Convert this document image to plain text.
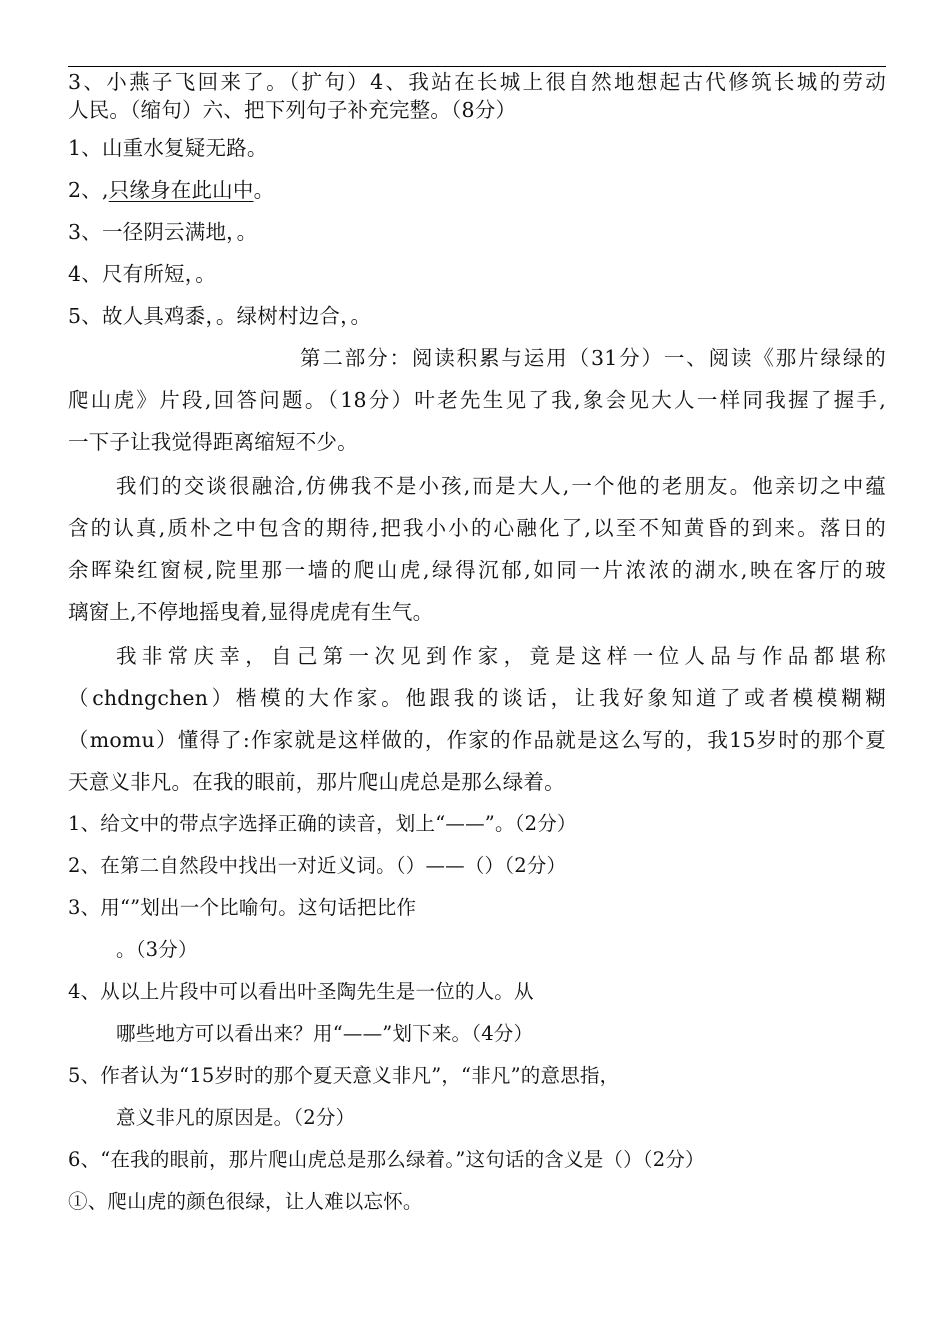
3、小燕子飞回来了。（扩句）4、我站在长城上很自然地想起古代修筑长城的劳动
人民。（缩句）六、把下列句子补充完整。（8分）
1、山重水复疑无路。
2、,只缘身在此山中。
3、一径阴云满地，。
4、尺有所短，。
5、故人具鸡黍，。绿树村边合，。
第二部分：阅读积累与运用（31分）一、阅读《那片绿绿的
爬山虎》片段,回答问题。（18分）叶老先生见了我,象会见大人一样同我握了握手,
一下子让我觉得距离缩短不少。
我们的交谈很融洽,仿佛我不是小孩,而是大人,一个他的老朋友。他亲切之中蕴
含的认真,质朴之中包含的期待,把我小小的心融化了,以至不知黄昏的到来。落日的
余晖染红窗棂,院里那一墙的爬山虎,绿得沉郁,如同一片浓浓的湖水,映在客厅的玻
璃窗上,不停地摇曳着,显得虎虎有生气。
我非常庆幸，自己第一次见到作家，竟是这样一位人品与作品都堪称
（chdngchen）楷模的大作家。他跟我的谈话，让我好象知道了或者模模糊糊
（momu）懂得了:作家就是这样做的，作家的作品就是这么写的，我15岁时的那个夏
天意义非凡。在我的眼前，那片爬山虎总是那么绿着。
1、给文中的带点字选择正确的读音，划上“——”。（2分）
2、在第二自然段中找出一对近义词。（）——（）（2分）
3、用“”划出一个比喻句。这句话把比作
。（3分）
4、从以上片段中可以看出叶圣陶先生是一位的人。从
哪些地方可以看出来？用“——”划下来。（4分）
5、作者认为“15岁时的那个夏天意义非凡”，“非凡”的意思指，
意义非凡的原因是。（2分）
6、“在我的眼前，那片爬山虎总是那么绿着。”这句话的含义是（）（2分）
①、爬山虎的颜色很绿，让人难以忘怀。
